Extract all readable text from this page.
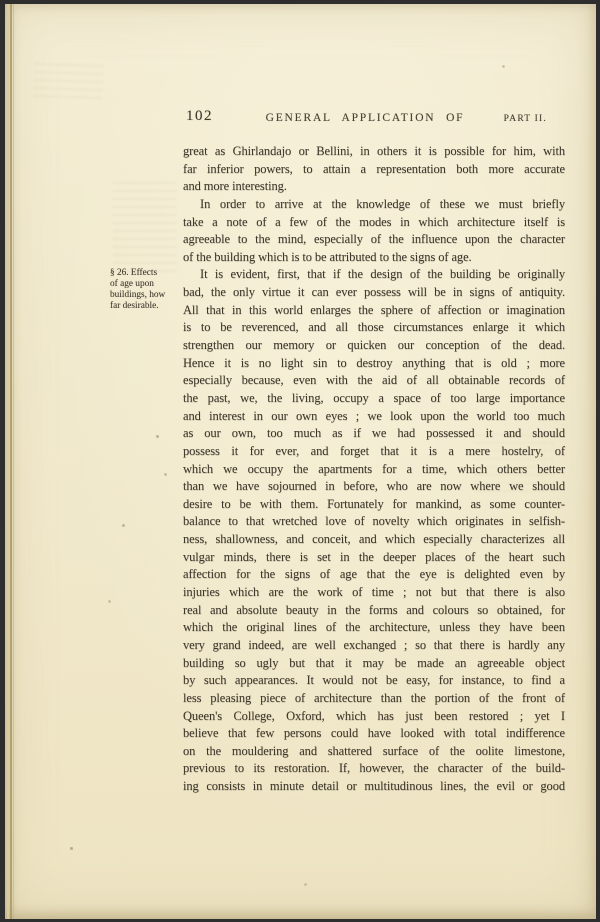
102	GENERAL APPLICATION OF	PART II.
§ 26. Effects
of age upon
buildings, how
far desirable.
great as Ghirlandajo or Bellini, in others it is possible for him, with
far inferior powers, to attain a representation both more accurate
and more interesting.
In order to arrive at the knowledge of these we must briefly
take a note of a few of the modes in which architecture itself is
agreeable to the mind, especially of the influence upon the character
of the building which is to be attributed to the signs of age.
It is evident, first, that if the design of the building be originally
bad, the only virtue it can ever possess will be in signs of antiquity.
All that in this world enlarges the sphere of affection or imagination
is to be reverenced, and all those circumstances enlarge it which
strengthen our memory or quicken our conception of the dead.
Hence it is no light sin to destroy anything that is old ; more
especially because, even with the aid of all obtainable records of
the past, we, the living, occupy a space of too large importance
and interest in our own eyes ; we look upon the world too much
as our own, too much as if we had possessed it and should
possess it for ever, and forget that it is a mere hostelry, of
which we occupy the apartments for a time, which others better
than we have sojourned in before, who are now where we should
desire to be with them. Fortunately for mankind, as some counter-
balance to that wretched love of novelty which originates in selfish-
ness, shallowness, and conceit, and which especially characterizes all
vulgar minds, there is set in the deeper places of the heart such
affection for the signs of age that the eye is delighted even by
injuries which are the work of time ; not but that there is also
real and absolute beauty in the forms and colours so obtained, for
which the original lines of the architecture, unless they have been
very grand indeed, are well exchanged ; so that there is hardly any
building so ugly but that it may be made an agreeable object
by such appearances. It would not be easy, for instance, to find a
less pleasing piece of architecture than the portion of the front of
Queen's College, Oxford, which has just been restored ; yet I
believe that few persons could have looked with total indifference
on the mouldering and shattered surface of the oolite limestone,
previous to its restoration. If, however, the character of the build-
ing consists in minute detail or multitudinous lines, the evil or good
